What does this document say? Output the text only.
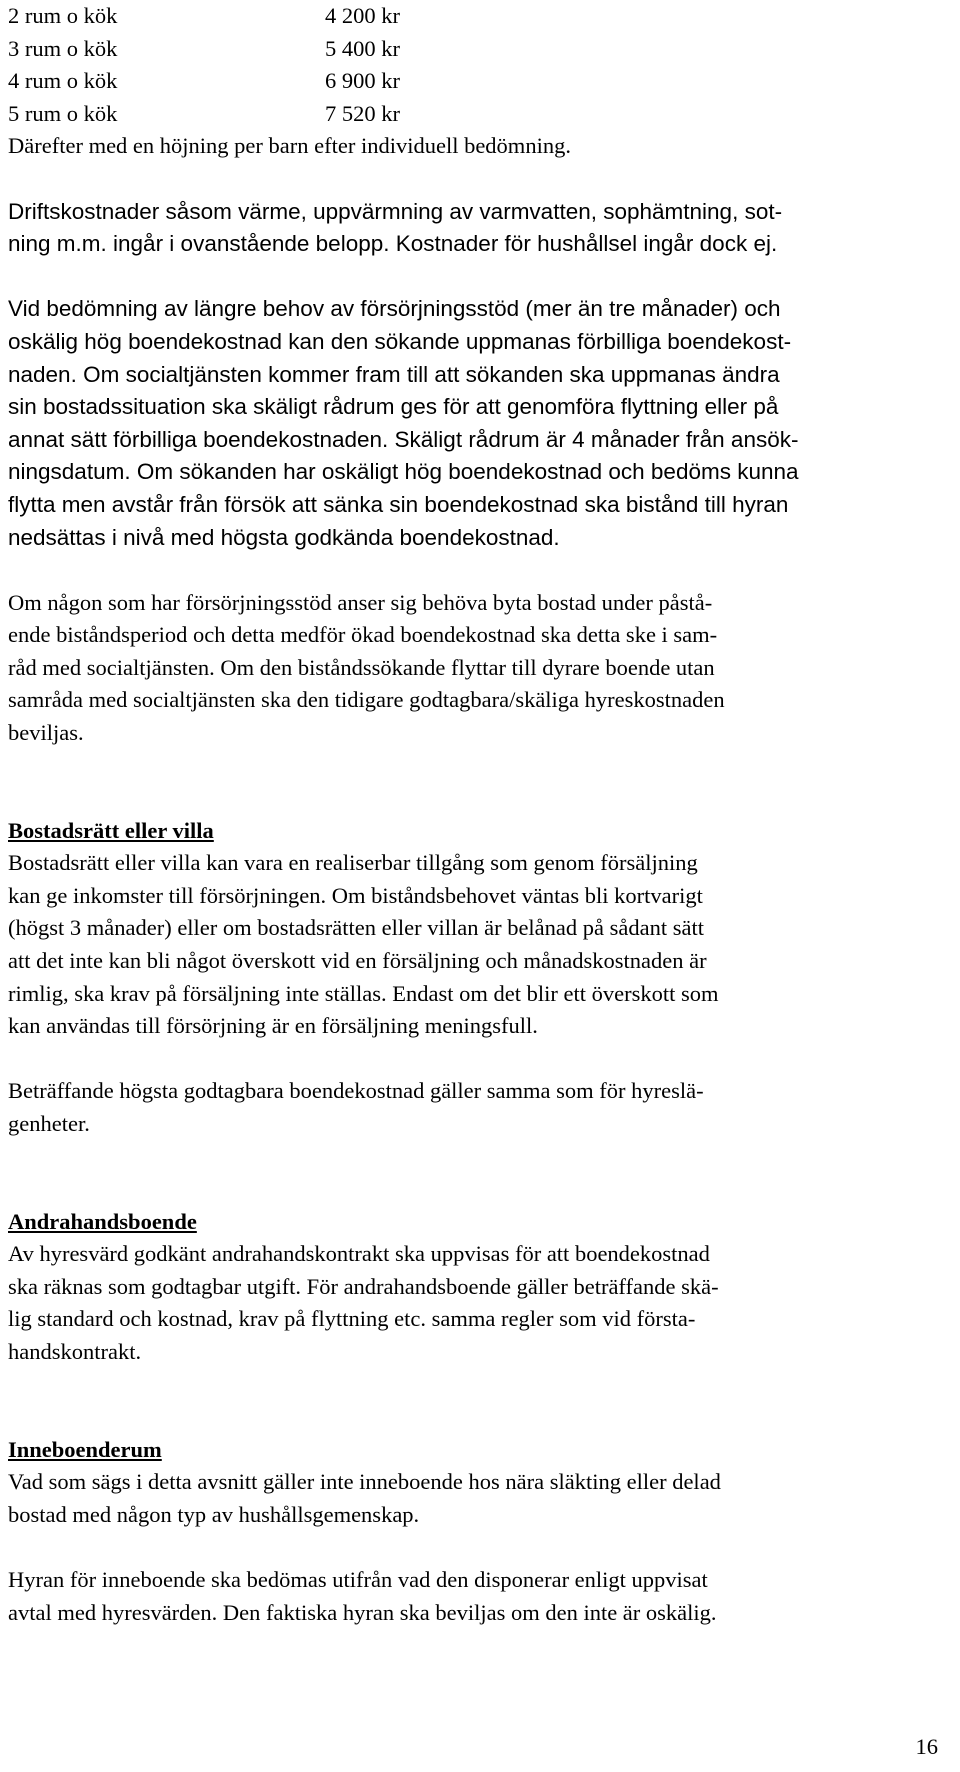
2 rum o kök	4 200 kr
3 rum o kök	5 400 kr
4 rum o kök	6 900 kr
5 rum o kök	7 520 kr
Därefter med en höjning per barn efter individuell bedömning.
Driftskostnader såsom värme, uppvärmning av varmvatten, sophämtning, sot-
ning m.m. ingår i ovanstående belopp. Kostnader för hushållsel ingår dock ej.
Vid bedömning av längre behov av försörjningsstöd (mer än tre månader) och
oskälig hög boendekostnad kan den sökande uppmanas förbilliga boendekost-
naden. Om socialtjänsten kommer fram till att sökanden ska uppmanas ändra
sin bostadssituation ska skäligt rådrum ges för att genomföra flyttning eller på
annat sätt förbilliga boendekostnaden. Skäligt rådrum är 4 månader från ansök-
ningsdatum. Om sökanden har oskäligt hög boendekostnad och bedöms kunna
flytta men avstår från försök att sänka sin boendekostnad ska bistånd till hyran
nedsättas i nivå med högsta godkända boendekostnad.
Om någon som har försörjningsstöd anser sig behöva byta bostad under påstå-
ende biståndsperiod och detta medför ökad boendekostnad ska detta ske i sam-
råd med socialtjänsten. Om den biståndssökande flyttar till dyrare boende utan
samråda med socialtjänsten ska den tidigare godtagbara/skäliga hyreskostnaden
beviljas.
Bostadsrätt eller villa
Bostadsrätt eller villa kan vara en realiserbar tillgång som genom försäljning
kan ge inkomster till försörjningen. Om biståndsbehovet väntas bli kortvarigt
(högst 3 månader) eller om bostadsrätten eller villan är belånad på sådant sätt
att det inte kan bli något överskott vid en försäljning och månadskostnaden är
rimlig, ska krav på försäljning inte ställas. Endast om det blir ett överskott som
kan användas till försörjning är en försäljning meningsfull.
Beträffande högsta godtagbara boendekostnad gäller samma som för hyreslä-
genheter.
Andrahandsboende
Av hyresvärd godkänt andrahandskontrakt ska uppvisas för att boendekostnad
ska räknas som godtagbar utgift. För andrahandsboende gäller beträffande skä-
lig standard och kostnad, krav på flyttning etc. samma regler som vid första-
handskontrakt.
Inneboenderum
Vad som sägs i detta avsnitt gäller inte inneboende hos nära släkting eller delad
bostad med någon typ av hushållsgemenskap.
Hyran för inneboende ska bedömas utifrån vad den disponerar enligt uppvisat
avtal med hyresvärden. Den faktiska hyran ska beviljas om den inte är oskälig.
16
